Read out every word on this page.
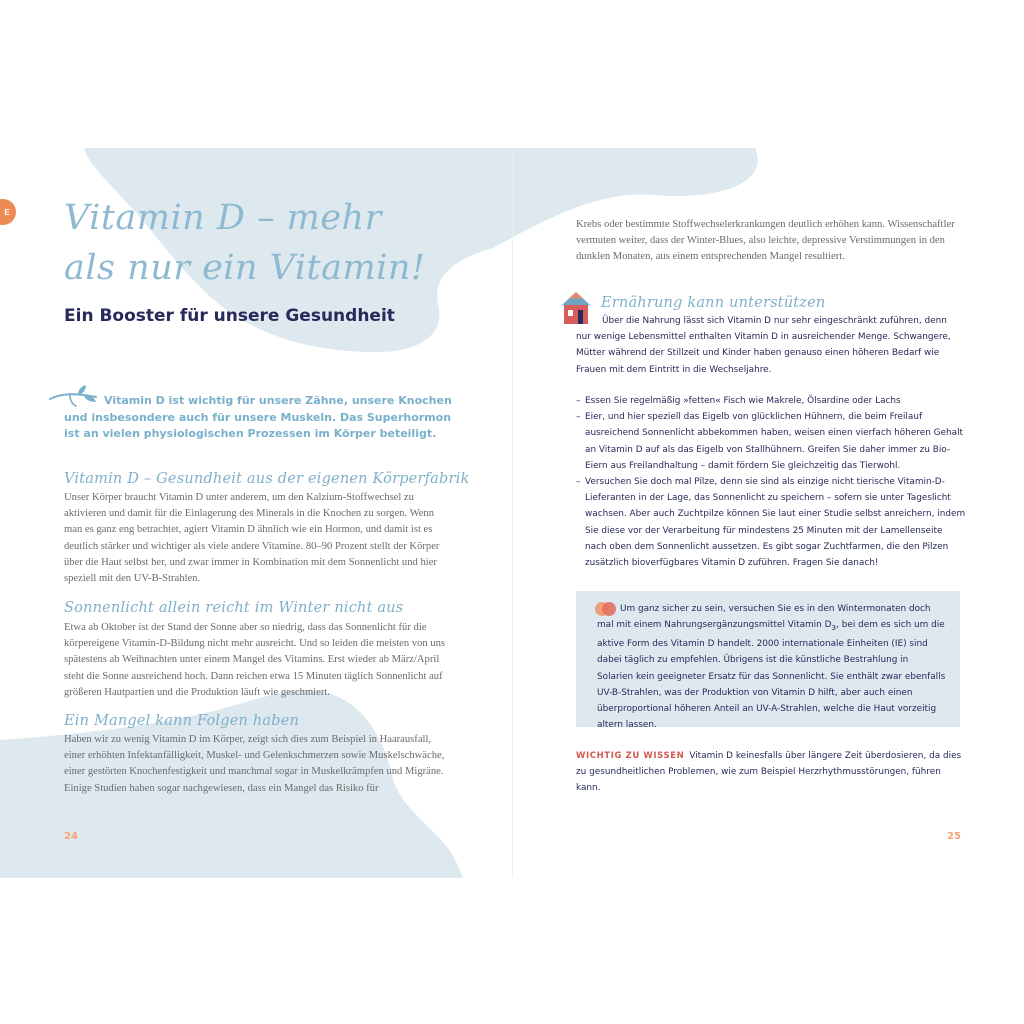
E Vitamin D – mehr
als nur ein Vitamin!
Ein Booster für unsere Gesundheit

Vitamin D ist wichtig für unsere Zähne, unsere Knochen und insbesondere auch für unsere Muskeln. Das Superhormon ist an vielen physiologischen Prozessen im Körper beteiligt.

Vitamin D – Gesundheit aus der eigenen Körperfabrik

Unser Körper braucht Vitamin D unter anderem, um den Kalzium-Stoffwechsel zu aktivieren und damit für die Einlagerung des Minerals in die Knochen zu sorgen. Wenn man es ganz eng betrachtet, agiert Vitamin D ähnlich wie ein Hormon, und damit ist es deutlich stärker und wichtiger als viele andere Vitamine. 80–90 Prozent stellt der Körper über die Haut selbst her, und zwar immer in Kombination mit dem Sonnenlicht und hier speziell mit den UV-B-Strahlen.

Sonnenlicht allein reicht im Winter nicht aus

Etwa ab Oktober ist der Stand der Sonne aber so niedrig, dass das Sonnenlicht für die körpereigene Vitamin-D-Bildung nicht mehr ausreicht. Und so leiden die meisten von uns spätestens ab Weihnachten unter einem Mangel des Vitamins. Erst wieder ab März/April steht die Sonne ausreichend hoch. Dann reichen etwa 15 Minuten täglich Sonnenlicht auf größeren Hautpartien und die Produktion läuft wie geschmiert.

Ein Mangel kann Folgen haben

Haben wir zu wenig Vitamin D im Körper, zeigt sich dies zum Beispiel in Haarausfall, einer erhöhten Infektanfälligkeit, Muskel- und Gelenkschmerzen sowie Muskelschwäche, einer gestörten Knochenfestigkeit und manchmal sogar in Muskelkrämpfen und Migräne. Einige Studien haben sogar nachgewiesen, dass ein Mangel das Risiko für

24

Krebs oder bestimmte Stoffwechselerkrankungen deutlich erhöhen kann. Wissenschaftler vermuten weiter, dass der Winter-Blues, also leichte, depressive Verstimmungen in den dunklen Monaten, aus einem entsprechenden Mangel resultiert.

Ernährung kann unterstützen

Über die Nahrung lässt sich Vitamin D nur sehr eingeschränkt zuführen, denn nur wenige Lebensmittel enthalten Vitamin D in ausreichender Menge. Schwangere, Mütter während der Stillzeit und Kinder haben genauso einen höheren Bedarf wie Frauen mit dem Eintritt in die Wechseljahre.

– Essen Sie regelmäßig »fetten« Fisch wie Makrele, Ölsardine oder Lachs
– Eier, und hier speziell das Eigelb von glücklichen Hühnern, die beim Freilauf ausreichend Sonnenlicht abbekommen haben, weisen einen vierfach höheren Gehalt an Vitamin D auf als das Eigelb von Stallhühnern. Greifen Sie daher immer zu Bio-Eiern aus Freilandhaltung – damit fördern Sie gleichzeitig das Tierwohl.
– Versuchen Sie doch mal Pilze, denn sie sind als einzige nicht tierische Vitamin-D-Lieferanten in der Lage, das Sonnenlicht zu speichern – sofern sie unter Tageslicht wachsen. Aber auch Zuchtpilze können Sie laut einer Studie selbst anreichern, indem Sie diese vor der Verarbeitung für mindestens 25 Minuten mit der Lamellenseite nach oben dem Sonnenlicht aussetzen. Es gibt sogar Zuchtfarmen, die den Pilzen zusätzlich bioverfügbares Vitamin D zuführen. Fragen Sie danach!

Um ganz sicher zu sein, versuchen Sie es in den Wintermonaten doch mal mit einem Nahrungsergänzungsmittel Vitamin $D_3$, bei dem es sich um die aktive Form des Vitamin D handelt. 2000 internationale Einheiten (IE) sind dabei täglich zu empfehlen. Übrigens ist die künstliche Bestrahlung in Solarien kein geeigneter Ersatz für das Sonnenlicht. Sie enthält zwar ebenfalls UV-B-Strahlen, was der Produktion von Vitamin D hilft, aber auch einen überproportional höheren Anteil an UV-A-Strahlen, welche die Haut vorzeitig altern lassen.

WICHTIG ZU WISSEN Vitamin D keinesfalls über längere Zeit überdosieren, da dies zu gesundheitlichen Problemen, wie zum Beispiel Herzrhythmusstörungen, führen kann.

25
